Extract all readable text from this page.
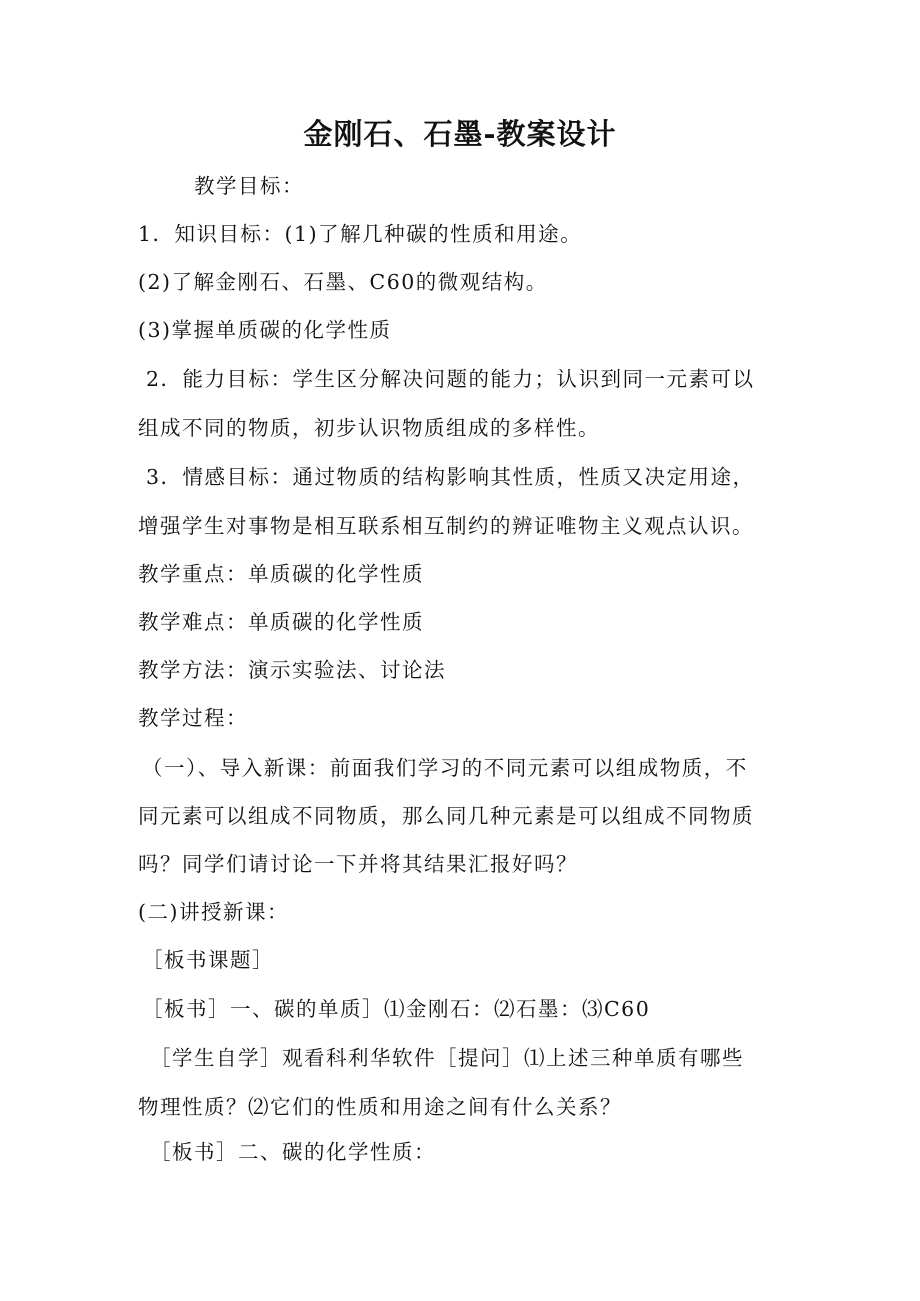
金刚石、石墨-教案设计
教学目标：
1．知识目标：(1)了解几种碳的性质和用途。
(2)了解金刚石、石墨、C60的微观结构。
(3)掌握单质碳的化学性质
2．能力目标：学生区分解决问题的能力；认识到同一元素可以
组成不同的物质，初步认识物质组成的多样性。
3．情感目标：通过物质的结构影响其性质，性质又决定用途，
增强学生对事物是相互联系相互制约的辨证唯物主义观点认识。
教学重点：单质碳的化学性质
教学难点：单质碳的化学性质
教学方法：演示实验法、讨论法
教学过程：
（一）、导入新课：前面我们学习的不同元素可以组成物质，不
同元素可以组成不同物质，那么同几种元素是可以组成不同物质
吗？同学们请讨论一下并将其结果汇报好吗？
(二)讲授新课：
［板书课题］
［板书］一、碳的单质］⑴金刚石：⑵石墨：⑶C60
［学生自学］观看科利华软件［提问］⑴上述三种单质有哪些
物理性质？⑵它们的性质和用途之间有什么关系？
［板书］二、碳的化学性质：
